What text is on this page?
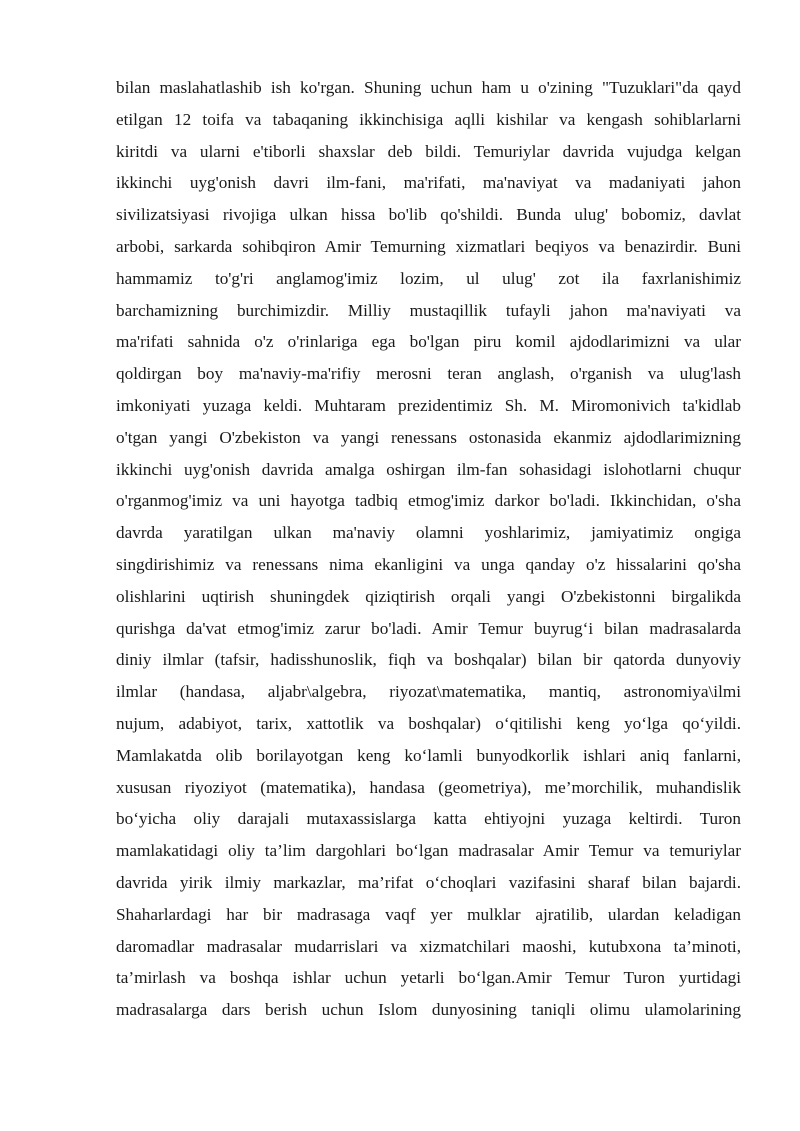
bilan maslahatlashib ish ko'rgan. Shuning uchun ham u o'zining "Tuzuklari"da qayd
etilgan 12 toifa va tabaqaning ikkinchisiga aqlli kishilar va kengash sohiblarlarni
kiritdi va ularni e'tiborli shaxslar deb bildi. Temuriylar davrida vujudga kelgan
ikkinchi uyg'onish davri ilm-fani, ma'rifati, ma'naviyat va madaniyati jahon
sivilizatsiyasi rivojiga ulkan hissa bo'lib qo'shildi. Bunda ulug' bobomiz, davlat
arbobi, sarkarda sohibqiron Amir Temurning xizmatlari beqiyos va benazirdir. Buni
hammamiz to'g'ri anglamog'imiz lozim, ul ulug' zot ila faxrlanishimiz
barchamizning burchimizdir. Milliy mustaqillik tufayli jahon ma'naviyati va
ma'rifati sahnida o'z o'rinlariga ega bo'lgan piru komil ajdodlarimizni va ular
qoldirgan boy ma'naviy-ma'rifiy merosni teran anglash, o'rganish va ulug'lash
imkoniyati yuzaga keldi. Muhtaram prezidentimiz Sh. M. Miromonivich ta'kidlab
o'tgan yangi O'zbekiston va yangi renessans ostonasida ekanmiz ajdodlarimizning
ikkinchi uyg'onish davrida amalga oshirgan ilm-fan sohasidagi islohotlarni chuqur
o'rganmog'imiz va uni hayotga tadbiq etmog'imiz darkor bo'ladi. Ikkinchidan, o'sha
davrda yaratilgan ulkan ma'naviy olamni yoshlarimiz, jamiyatimiz ongiga
singdirishimiz va renessans nima ekanligini va unga qanday o'z hissalarini qo'sha
olishlarini uqtirish shuningdek qiziqtirish orqali yangi O'zbekistonni birgalikda
qurishga da'vat etmog'imiz zarur bo'ladi. Amir Temur buyrug‘i bilan madrasalarda
diniy ilmlar (tafsir, hadisshunoslik, fiqh va boshqalar) bilan bir qatorda dunyoviy
ilmlar (handasa, aljabr\algebra, riyozat\matematika, mantiq, astronomiya\ilmi
nujum, adabiyot, tarix, xattotlik va boshqalar) o‘qitilishi keng yo‘lga qo‘yildi.
Mamlakatda olib borilayotgan keng ko‘lamli bunyodkorlik ishlari aniq fanlarni,
xususan riyoziyot (matematika), handasa (geometriya), me’morchilik, muhandislik
bo‘yicha oliy darajali mutaxassislarga katta ehtiyojni yuzaga keltirdi. Turon
mamlakatidagi oliy ta’lim dargohlari bo‘lgan madrasalar Amir Temur va temuriylar
davrida yirik ilmiy markazlar, ma’rifat o‘choqlari vazifasini sharaf bilan bajardi.
Shaharlardagi har bir madrasaga vaqf yer mulklar ajratilib, ulardan keladigan
daromadlar madrasalar mudarrislari va xizmatchilari maoshi, kutubxona ta’minoti,
ta’mirlash va boshqa ishlar uchun yetarli bo‘lgan.Amir Temur Turon yurtidagi
madrasalarga dars berish uchun Islom dunyosining taniqli olimu ulamolarining
